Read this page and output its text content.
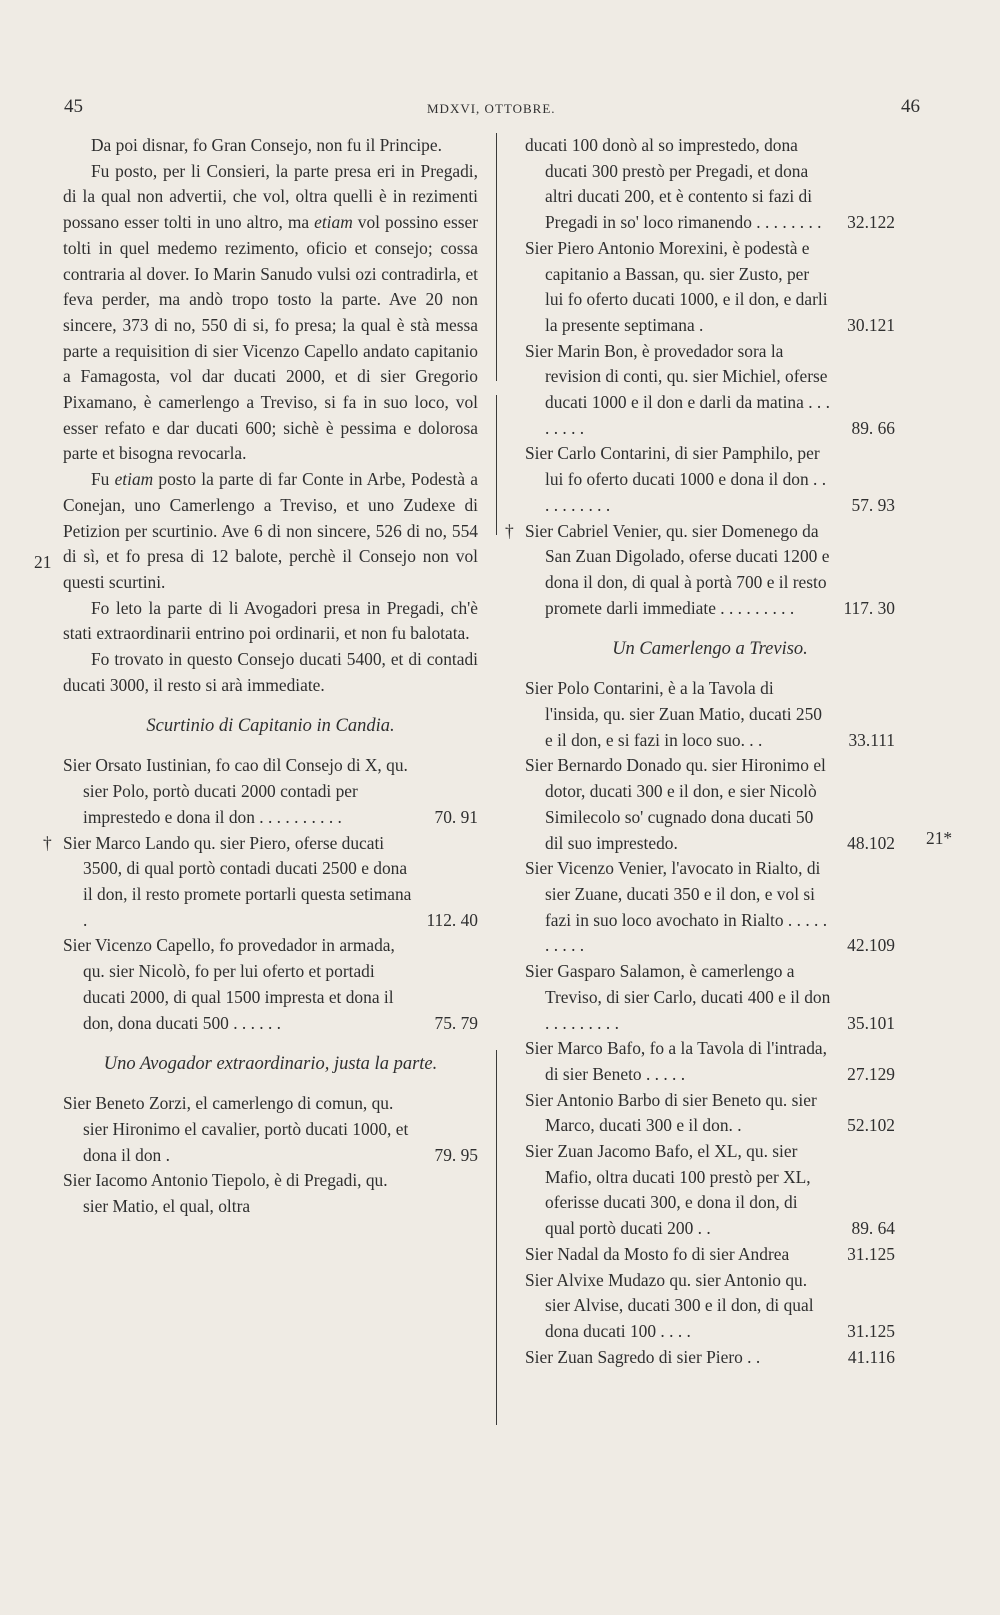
45	MDXVI, OTTOBRE.	46
21
21*

Da poi disnar, fo Gran Consejo, non fu il Principe.

Fu posto, per li Consieri, la parte presa eri in Pregadi, di la qual non advertii, che vol, oltra quelli è in rezimenti possano esser tolti in uno altro, ma etiam vol possino esser tolti in quel medemo rezimento, oficio et consejo; cossa contraria al dover. Io Marin Sanudo vulsi ozi contradirla, et feva perder, ma andò tropo tosto la parte. Ave 20 non sincere, 373 di no, 550 di si, fo presa; la qual è stà messa parte a requisition di sier Vicenzo Capello andato capitanio a Famagosta, vol dar ducati 2000, et di sier Gregorio Pixamano, è camerlengo a Treviso, si fa in suo loco, vol esser refato e dar ducati 600; sichè è pessima e dolorosa parte et bisogna revocarla.

Fu etiam posto la parte di far Conte in Arbe, Podestà a Conejan, uno Camerlengo a Treviso, et uno Zudexe di Petizion per scurtinio. Ave 6 di non sincere, 526 di no, 554 di sì, et fo presa di 12 balote, perchè il Consejo non vol questi scurtini.

Fo leto la parte di li Avogadori presa in Pregadi, ch'è stati extraordinarii entrino poi ordinarii, et non fu balotata.

Fo trovato in questo Consejo ducati 5400, et di contadi ducati 3000, il resto si arà immediate.

Scurtinio di Capitanio in Candia.

Sier Orsato Iustinian, fo cao dil Consejo di X, qu. sier Polo, portò ducati 2000 contadi per imprestedo e dona il don . . . . . . . . . .	70. 91
† Sier Marco Lando qu. sier Piero, oferse ducati 3500, di qual portò contadi ducati 2500 e dona il don, il resto promete portarli questa setimana .	112. 40

Sier Vicenzo Capello, fo provedador in armada, qu. sier Nicolò, fo per lui oferto et portadi ducati 2000, di qual 1500 impresta et dona il don, dona ducati 500 . . . . . .	75. 79
Uno Avogador extraordinario, justa la parte.

Sier Beneto Zorzi, el camerlengo di comun, qu. sier Hironimo el cavalier, portò ducati 1000, et dona il don .	79. 95

Sier Iacomo Antonio Tiepolo, è di Pregadi, qu. sier Matio, el qual, oltra

ducati 100 donò al so imprestedo, dona ducati 300 prestò per Pregadi, et dona altri ducati 200, et è contento si fazi di Pregadi in so' loco rimanendo . . . . . . . .	32.122

Sier Piero Antonio Morexini, è podestà e capitanio a Bassan, qu. sier Zusto, per lui fo oferto ducati 1000, e il don, e darli la presente septimana .	30.121

Sier Marin Bon, è provedador sora la revision di conti, qu. sier Michiel, oferse ducati 1000 e il don e darli da matina . . . . . . . .	89. 66

Sier Carlo Contarini, di sier Pamphilo, per lui fo oferto ducati 1000 e dona il don . . . . . . . . . .	57. 93
† Sier Cabriel Venier, qu. sier Domenego da San Zuan Digolado, oferse ducati 1200 e dona il don, di qual à portà 700 e il resto promete darli immediate . . . . . . . . .	117. 30
Un Camerlengo a Treviso.

Sier Polo Contarini, è a la Tavola di l'insida, qu. sier Zuan Matio, ducati 250 e il don, e si fazi in loco suo. . .	33.111

Sier Bernardo Donado qu. sier Hironimo el dotor, ducati 300 e il don, e sier Nicolò Similecolo so' cugnado dona ducati 50 dil suo imprestedo.	48.102

Sier Vicenzo Venier, l'avocato in Rialto, di sier Zuane, ducati 350 e il don, e vol si fazi in suo loco avochato in Rialto . . . . . . . . . .	42.109

Sier Gasparo Salamon, è camerlengo a Treviso, di sier Carlo, ducati 400 e il don . . . . . . . . .	35.101

Sier Marco Bafo, fo a la Tavola di l'intrada, di sier Beneto . . . . .	27.129

Sier Antonio Barbo di sier Beneto qu. sier Marco, ducati 300 e il don. .	52.102

Sier Zuan Jacomo Bafo, el XL, qu. sier Mafio, oltra ducati 100 prestò per XL, oferisse ducati 300, e dona il don, di qual portò ducati 200 . .	89. 64

Sier Nadal da Mosto fo di sier Andrea	31.125

Sier Alvixe Mudazo qu. sier Antonio qu. sier Alvise, ducati 300 e il don, di qual dona ducati 100 . . . .	31.125

Sier Zuan Sagredo di sier Piero . .	41.116
